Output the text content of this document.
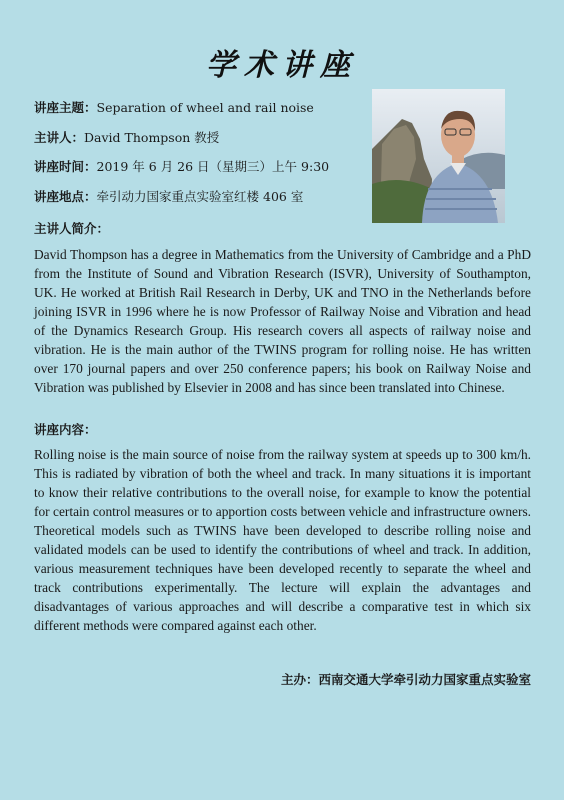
学术讲座
讲座主题：Separation of wheel and rail noise
主讲人：David Thompson 教授
讲座时间：2019 年 6 月 26 日（星期三）上午 9:30
讲座地点：牵引动力国家重点实验室红楼 406 室
主讲人简介：
David Thompson has a degree in Mathematics from the University of Cambridge and a PhD from the Institute of Sound and Vibration Research (ISVR), University of Southampton, UK. He worked at British Rail Research in Derby, UK and TNO in the Netherlands before joining ISVR in 1996 where he is now Professor of Railway Noise and Vibration and head of the Dynamics Research Group. His research covers all aspects of railway noise and vibration. He is the main author of the TWINS program for rolling noise. He has written over 170 journal papers and over 250 conference papers; his book on Railway Noise and Vibration was published by Elsevier in 2008 and has since been translated into Chinese.
讲座内容：
Rolling noise is the main source of noise from the railway system at speeds up to 300 km/h. This is radiated by vibration of both the wheel and track. In many situations it is important to know their relative contributions to the overall noise, for example to know the potential for certain control measures or to apportion costs between vehicle and infrastructure owners. Theoretical models such as TWINS have been developed to describe rolling noise and validated models can be used to identify the contributions of wheel and track. In addition, various measurement techniques have been developed recently to separate the wheel and track contributions experimentally. The lecture will explain the advantages and disadvantages of various approaches and will describe a comparative test in which six different methods were compared against each other.
主办：西南交通大学牵引动力国家重点实验室
